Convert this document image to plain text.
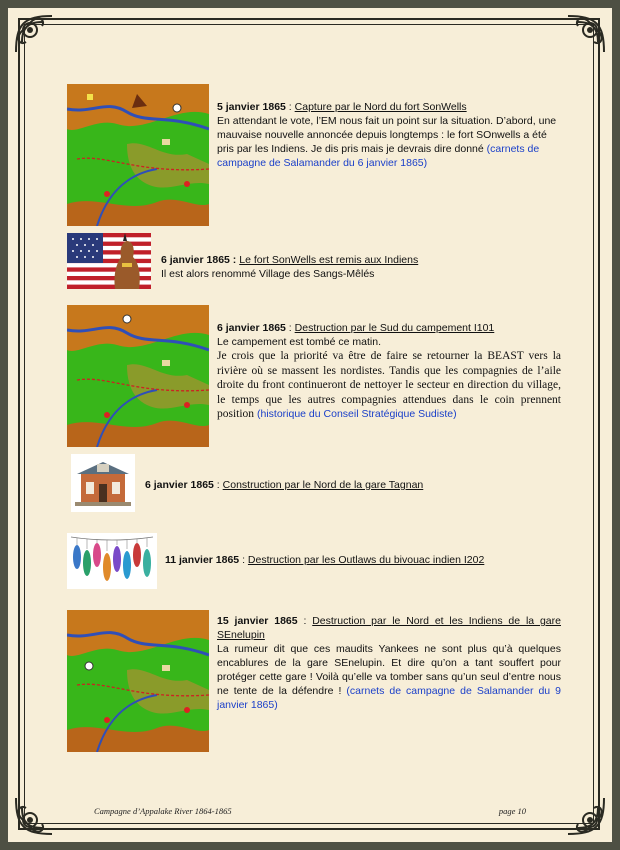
5 janvier 1865 : Capture par le Nord du fort SonWells
En attendant le vote, l’EM nous fait un point sur la situation. D’abord, une mauvaise nouvelle annoncée depuis longtemps : le fort SOnwells a été pris par les Indiens. Je dis pris mais je devrais dire donné (carnets de campagne de Salamander du 6 janvier 1865)
6 janvier 1865 : Le fort SonWells est remis aux Indiens
Il est alors renommé Village des Sangs-Mêlés
6 janvier 1865 : Destruction par le Sud du campement I101
Le campement est tombé ce matin.
Je crois que la priorité va être de faire se retourner la BEAST vers la rivière où se massent les nordistes. Tandis que les compagnies de l’aile droite du front continueront de nettoyer le secteur en direction du village, le temps que les autres compagnies attendues dans le coin prennent position (historique du Conseil Stratégique Sudiste)
6 janvier 1865 : Construction par le Nord de la gare Tagnan
11 janvier 1865 : Destruction par les Outlaws du bivouac indien I202
15 janvier 1865 : Destruction par le Nord et les Indiens de la gare SEnelupin
La rumeur dit que ces maudits Yankees ne sont plus qu’à quelques encablures de la gare SEnelupin. Et dire qu’on a tant souffert pour protéger cette gare ! Voilà qu’elle va tomber sans qu’un seul d’entre nous ne tente de la défendre ! (carnets de campagne de Salamander du 9 janvier 1865)
Campagne d’Appalake River 1864-1865	page 10
